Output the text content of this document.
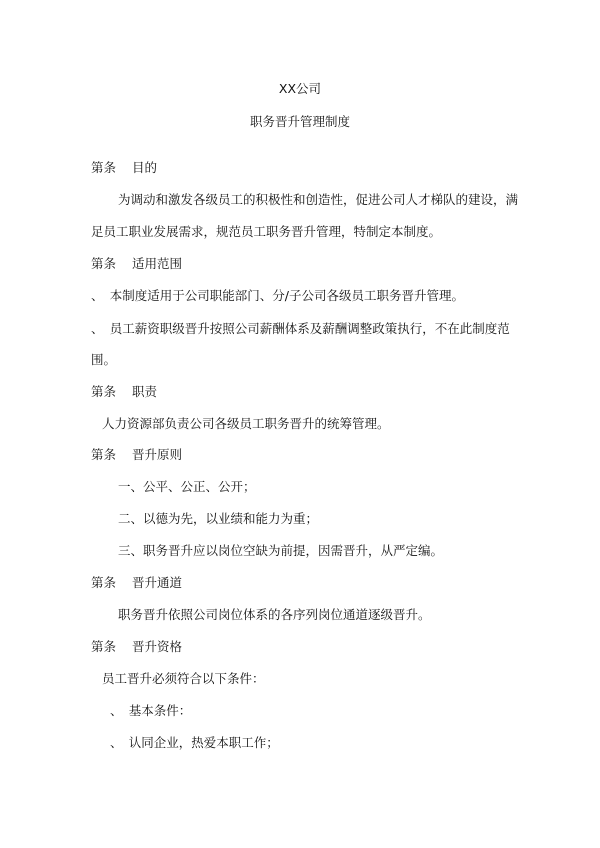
XX公司
职务晋升管理制度
第条 目的
为调动和激发各级员工的积极性和创造性，促进公司人才梯队的建设，满
足员工职业发展需求，规范员工职务晋升管理，特制定本制度。
第条 适用范围
、　本制度适用于公司职能部门、分/子公司各级员工职务晋升管理。
、　员工薪资职级晋升按照公司薪酬体系及薪酬调整政策执行，不在此制度范
围。
第条 职责
人力资源部负责公司各级员工职务晋升的统筹管理。
第条 晋升原则
一、公平、公正、公开；
二、以德为先，以业绩和能力为重；
三、职务晋升应以岗位空缺为前提，因需晋升，从严定编。
第条 晋升通道
职务晋升依照公司岗位体系的各序列岗位通道逐级晋升。
第条 晋升资格
员工晋升必须符合以下条件：
、　基本条件：
、　认同企业，热爱本职工作；
